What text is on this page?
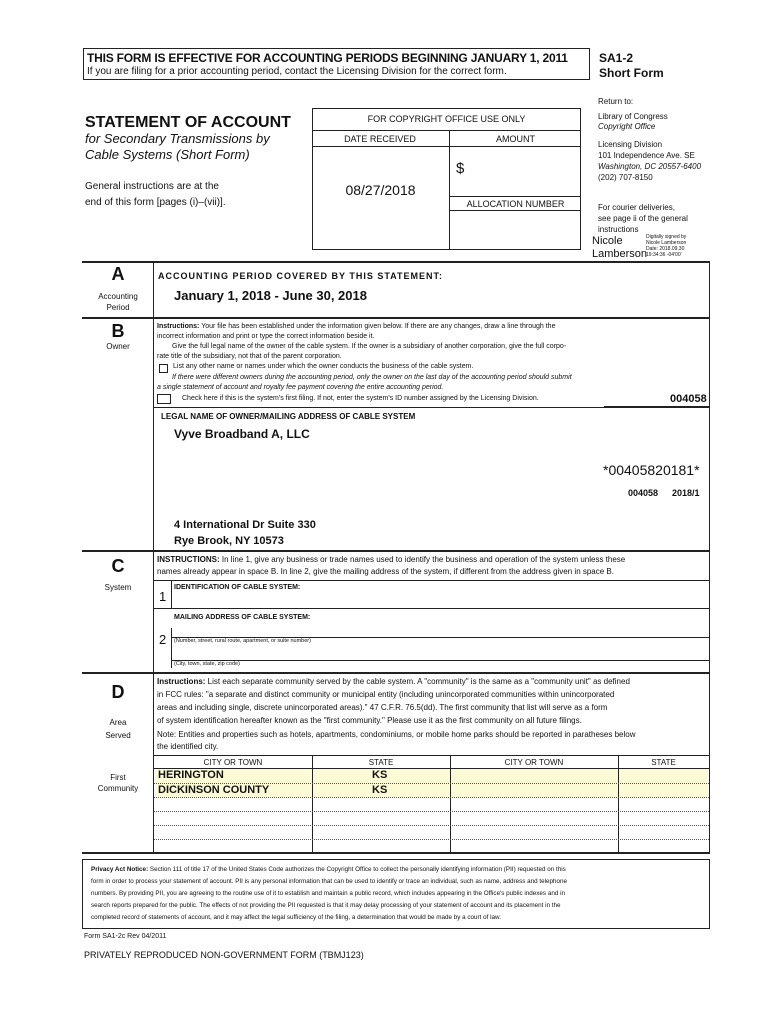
THIS FORM IS EFFECTIVE FOR ACCOUNTING PERIODS BEGINNING JANUARY 1, 2011
If you are filing for a prior accounting period, contact the Licensing Division for the correct form.
SA1-2
Short Form
STATEMENT OF ACCOUNT
for Secondary Transmissions by
Cable Systems (Short Form)
General instructions are at the
end of this form [pages (i)–(vii)].
FOR COPYRIGHT OFFICE USE ONLY
DATE RECEIVED	AMOUNT
$
08/27/2018
ALLOCATION NUMBER
Return to:
Library of Congress
Copyright Office
Licensing Division
101 Independence Ave. SE
Washington, DC 20557-6400
(202) 707-8150
For courier deliveries,
see page ii of the general
instructions
Nicole
Lamberson
Digitally signed by
Nicole Lamberson
Date: 2018.09.30
19:34:36 -04'00'
A
Accounting
Period
ACCOUNTING PERIOD COVERED BY THIS STATEMENT:
January 1, 2018 - June 30, 2018
B
Owner
Instructions: Your file has been established under the information given below. If there are any changes, draw a line through the
incorrect information and print or type the correct information beside it.
Give the full legal name of the owner of the cable system. If the owner is a subsidiary of another corporation, give the full corpo-
rate title of the subsidiary, not that of the parent corporation.
List any other name or names under which the owner conducts the business of the cable system.
If there were different owners during the accounting period, only the owner on the last day of the accounting period should submit
a single statement of account and royalty fee payment covering the entire accounting period.
Check here if this is the system's first filing. If not, enter the system's ID number assigned by the Licensing Division.	004058
LEGAL NAME OF OWNER/MAILING ADDRESS OF CABLE SYSTEM
Vyve Broadband A, LLC
*00405820181*
004058 2018/1
4 International Dr Suite 330
Rye Brook, NY 10573
C
System
INSTRUCTIONS: In line 1, give any business or trade names used to identify the business and operation of the system unless these
names already appear in space B. In line 2, give the mailing address of the system, if different from the address given in space B.
1
IDENTIFICATION OF CABLE SYSTEM:
MAILING ADDRESS OF CABLE SYSTEM:
2 (Number, street, rural route, apartment, or suite number)
(City, town, state, zip code)
D
Area
Served
First
Community
Instructions: List each separate community served by the cable system. A "community" is the same as a "community unit" as defined
in FCC rules: "a separate and distinct community or municipal entity (including unincorporated communities within unincorporated
areas and including single, discrete unincorporated areas)." 47 C.F.R. 76.5(dd). The first community that list will serve as a form
of system identification hereafter known as the "first community." Please use it as the first community on all future filings.
Note: Entities and properties such as hotels, apartments, condominiums, or mobile home parks should be reported in paratheses below
the identified city.
CITY OR TOWN	STATE	CITY OR TOWN	STATE
HERINGTON	KS
DICKINSON COUNTY	KS
Privacy Act Notice: Section 111 of title 17 of the United States Code authorizes the Copyright Office to collect the personally identifying information (PII) requested on this
form in order to process your statement of account. PII is any personal information that can be used to identify or trace an individual, such as name, address and telephone
numbers. By providing PII, you are agreeing to the routine use of it to establish and maintain a public record, which includes appearing in the Office's public indexes and in
search reports prepared for the public. The effects of not providing the PII requested is that it may delay processing of your statement of account and its placement in the
completed record of statements of account, and it may affect the legal sufficiency of the filing, a determination that would be made by a court of law.
Form SA1-2c Rev 04/2011
PRIVATELY REPRODUCED NON-GOVERNMENT FORM (TBMJ123)
